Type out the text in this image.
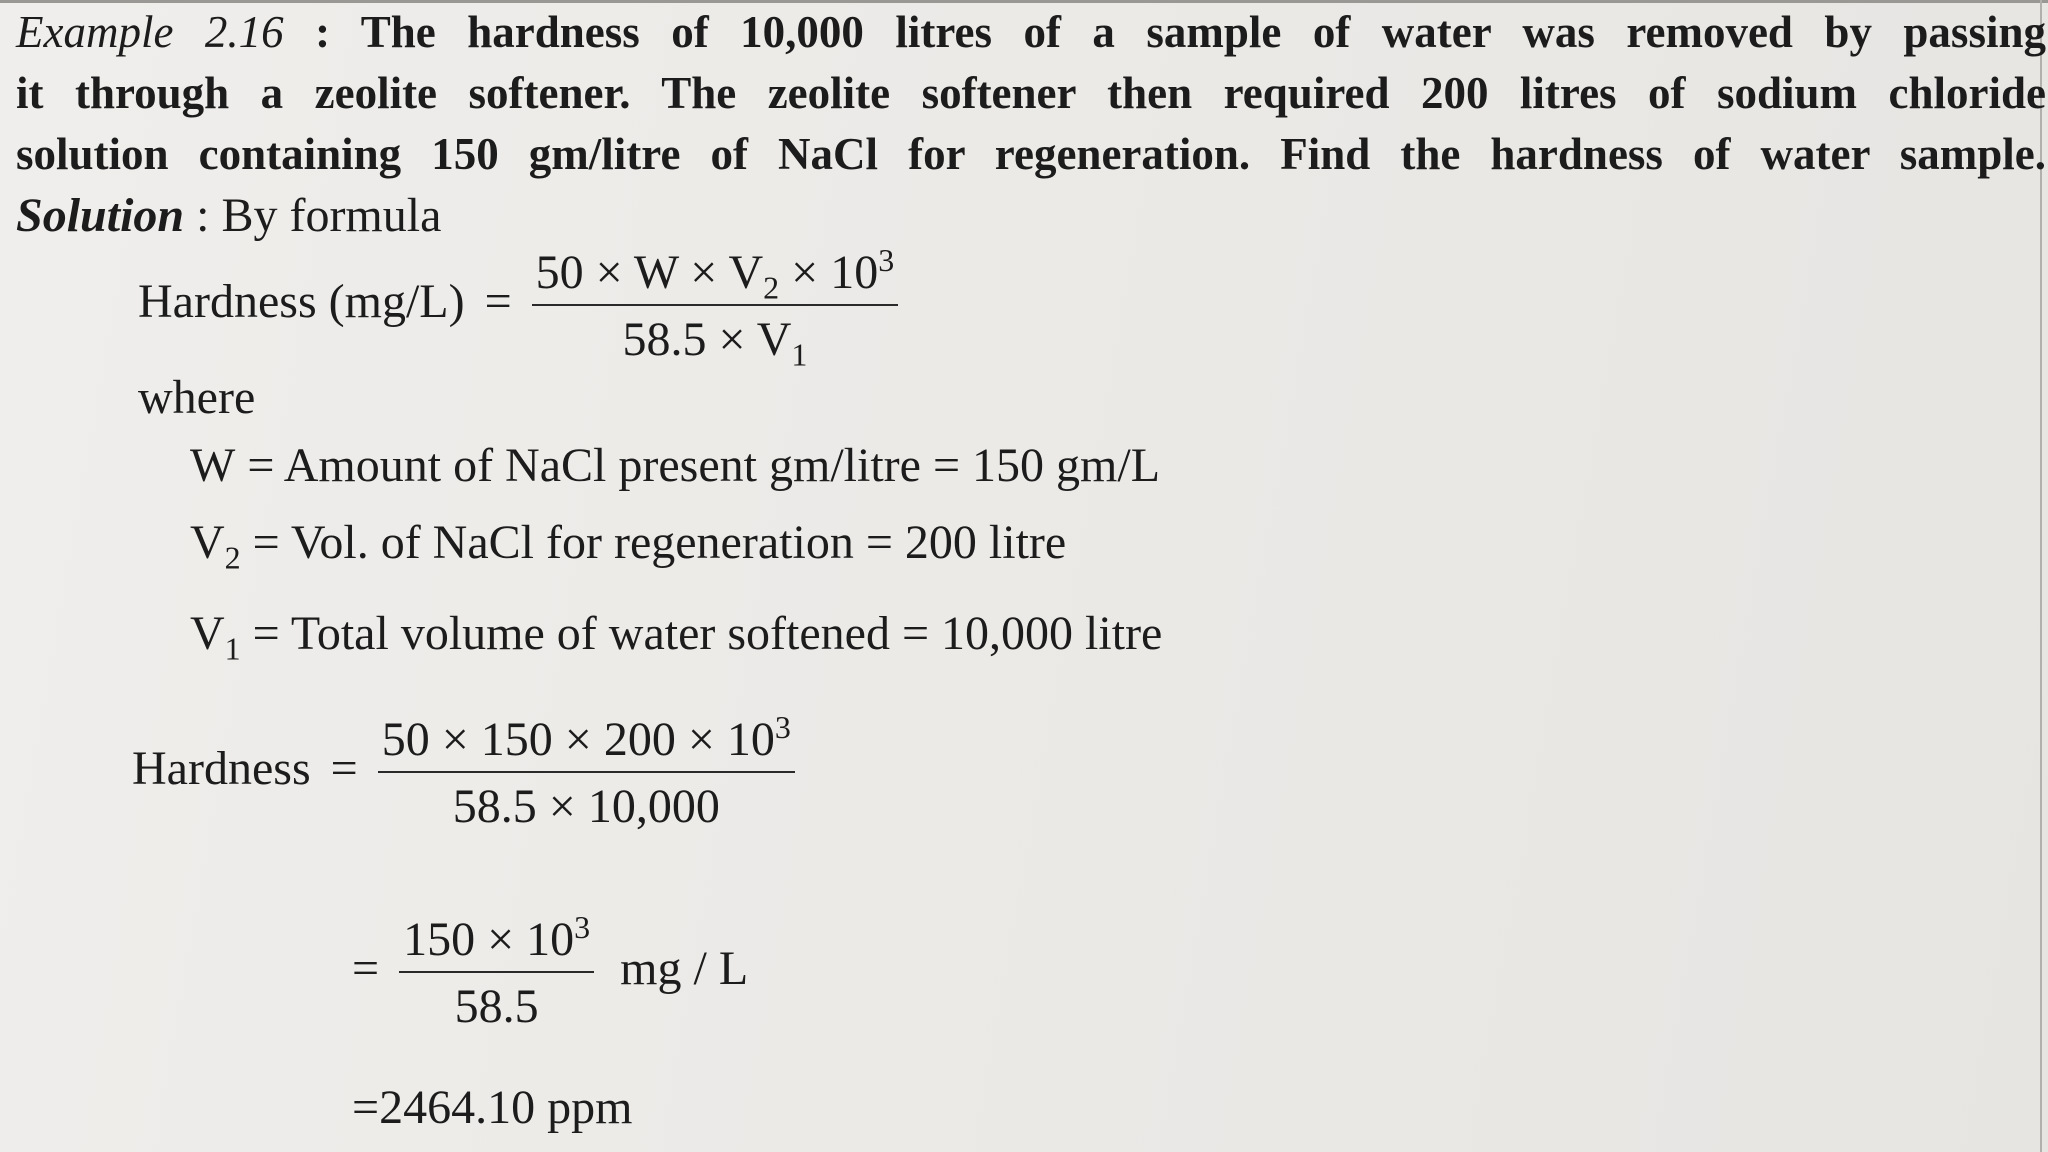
Example 2.16 : The hardness of 10,000 litres of a sample of water was removed by passing
it through a zeolite softener. The zeolite softener then required 200 litres of sodium chloride
solution containing 150 gm/litre of NaCl for regeneration. Find the hardness of water sample.
Solution : By formula
Hardness $(mg/L) = \frac{50 \times W \times V_2 \times 10^3}{58.5 \times V_1}$
where
W = Amount of NaCl present gm/litre = 150 gm/L
$V_2$ = Vol. of NaCl for regeneration = 200 litre
$V_1$ = Total volume of water softened = 10,000 litre
Hardness = $\frac{50 \times 150 \times 200 \times 10^3}{58.5 \times 10,000}$
= $\frac{150 \times 10^3}{58.5}$ mg / L
=2464.10 ppm
